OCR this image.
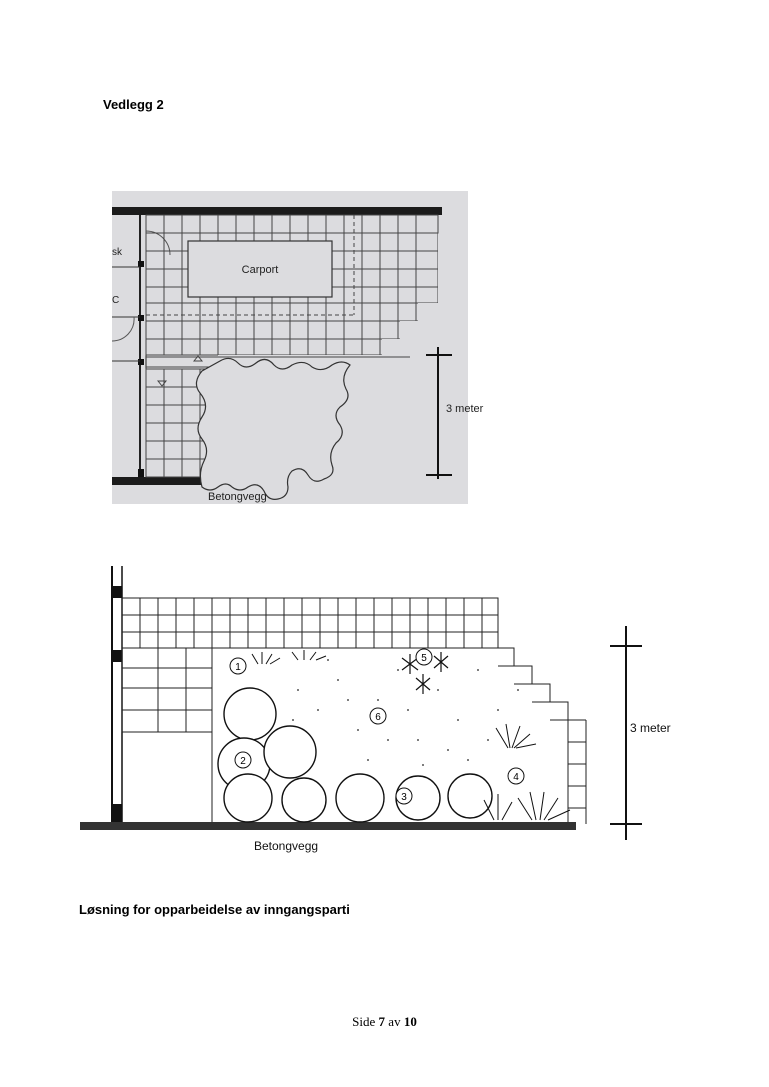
Vedlegg 2
Carport
3 meter
Betongvegg
sk
C
1
2
3
4
5
6
3 meter
Betongvegg
Løsning for opparbeidelse av inngangsparti
Side 7 av 10
